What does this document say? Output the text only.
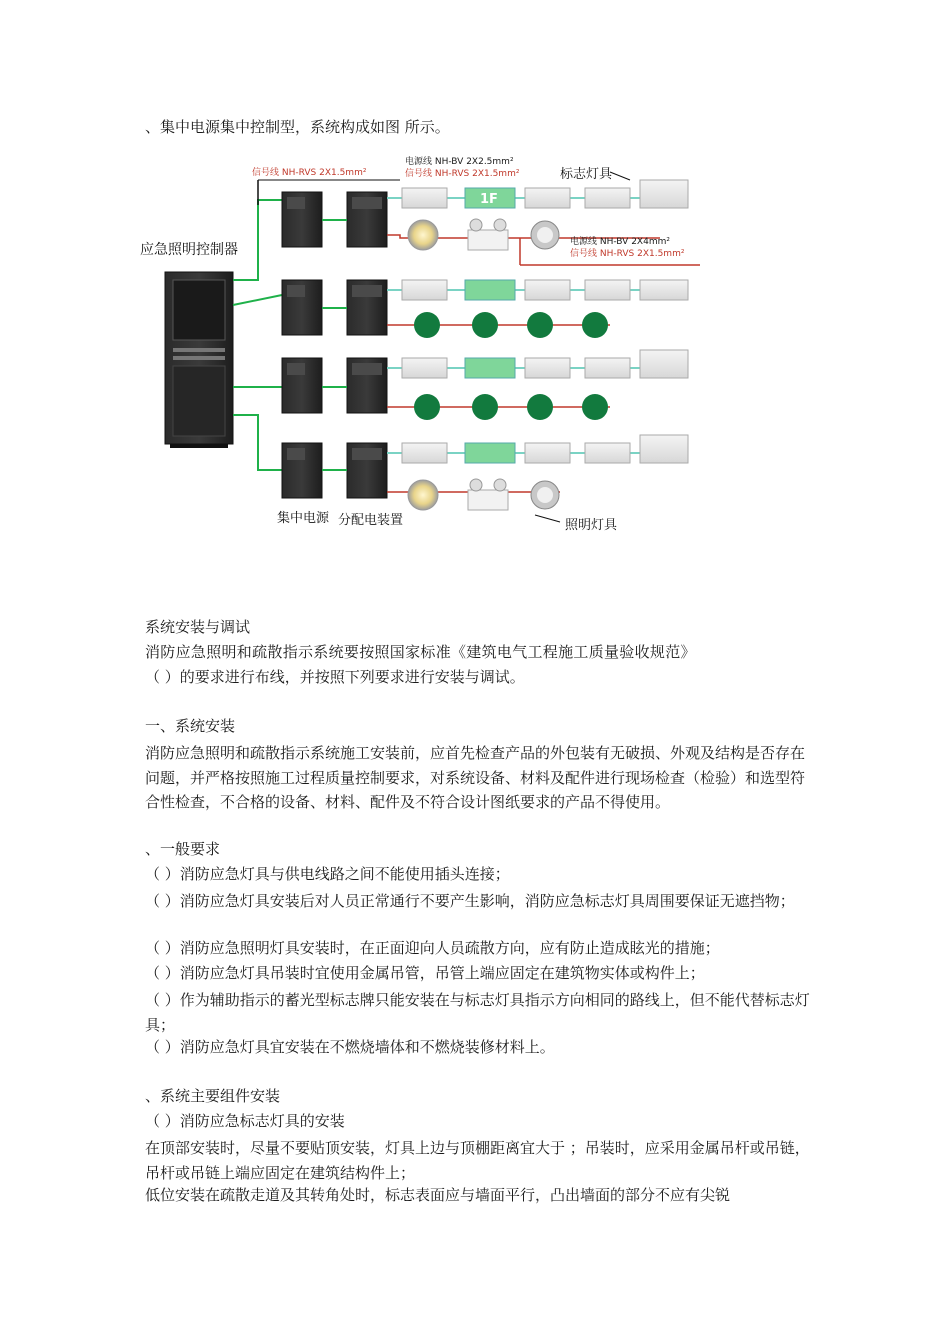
、集中电源集中控制型，系统构成如图 所示。
应急照明控制器
信号线 NH-RVS 2X1.5mm²
电源线 NH-BV 2X2.5mm²
信号线 NH-RVS 2X1.5mm²
电源线 NH-BV 2X4mm²
信号线 NH-RVS 2X1.5mm²
标志灯具
1F
集中电源 分配电装置	照明灯具
系统安装与调试
消防应急照明和疏散指示系统要按照国家标准《建筑电气工程施工质量验收规范》
（ ）的要求进行布线，并按照下列要求进行安装与调试。
一、系统安装
消防应急照明和疏散指示系统施工安装前，应首先检查产品的外包装有无破损、外观及结构是否存在问题，并严格按照施工过程质量控制要求，对系统设备、材料及配件进行现场检查（检验）和选型符合性检查，不合格的设备、材料、配件及不符合设计图纸要求的产品不得使用。
、一般要求
（ ）消防应急灯具与供电线路之间不能使用插头连接；
（ ）消防应急灯具安装后对人员正常通行不要产生影响，消防应急标志灯具周围要保证无遮挡物；
（ ）消防应急照明灯具安装时，在正面迎向人员疏散方向，应有防止造成眩光的措施；
（ ）消防应急灯具吊装时宜使用金属吊管，吊管上端应固定在建筑物实体或构件上；
（ ）作为辅助指示的蓄光型标志牌只能安装在与标志灯具指示方向相同的路线上，但不能代替标志灯具；
（ ）消防应急灯具宜安装在不燃烧墙体和不燃烧装修材料上。
、系统主要组件安装
（ ）消防应急标志灯具的安装
在顶部安装时，尽量不要贴顶安装，灯具上边与顶棚距离宜大于 ；吊装时，应采用金属吊杆或吊链，吊杆或吊链上端应固定在建筑结构件上；
低位安装在疏散走道及其转角处时，标志表面应与墙面平行，凸出墙面的部分不应有尖锐
